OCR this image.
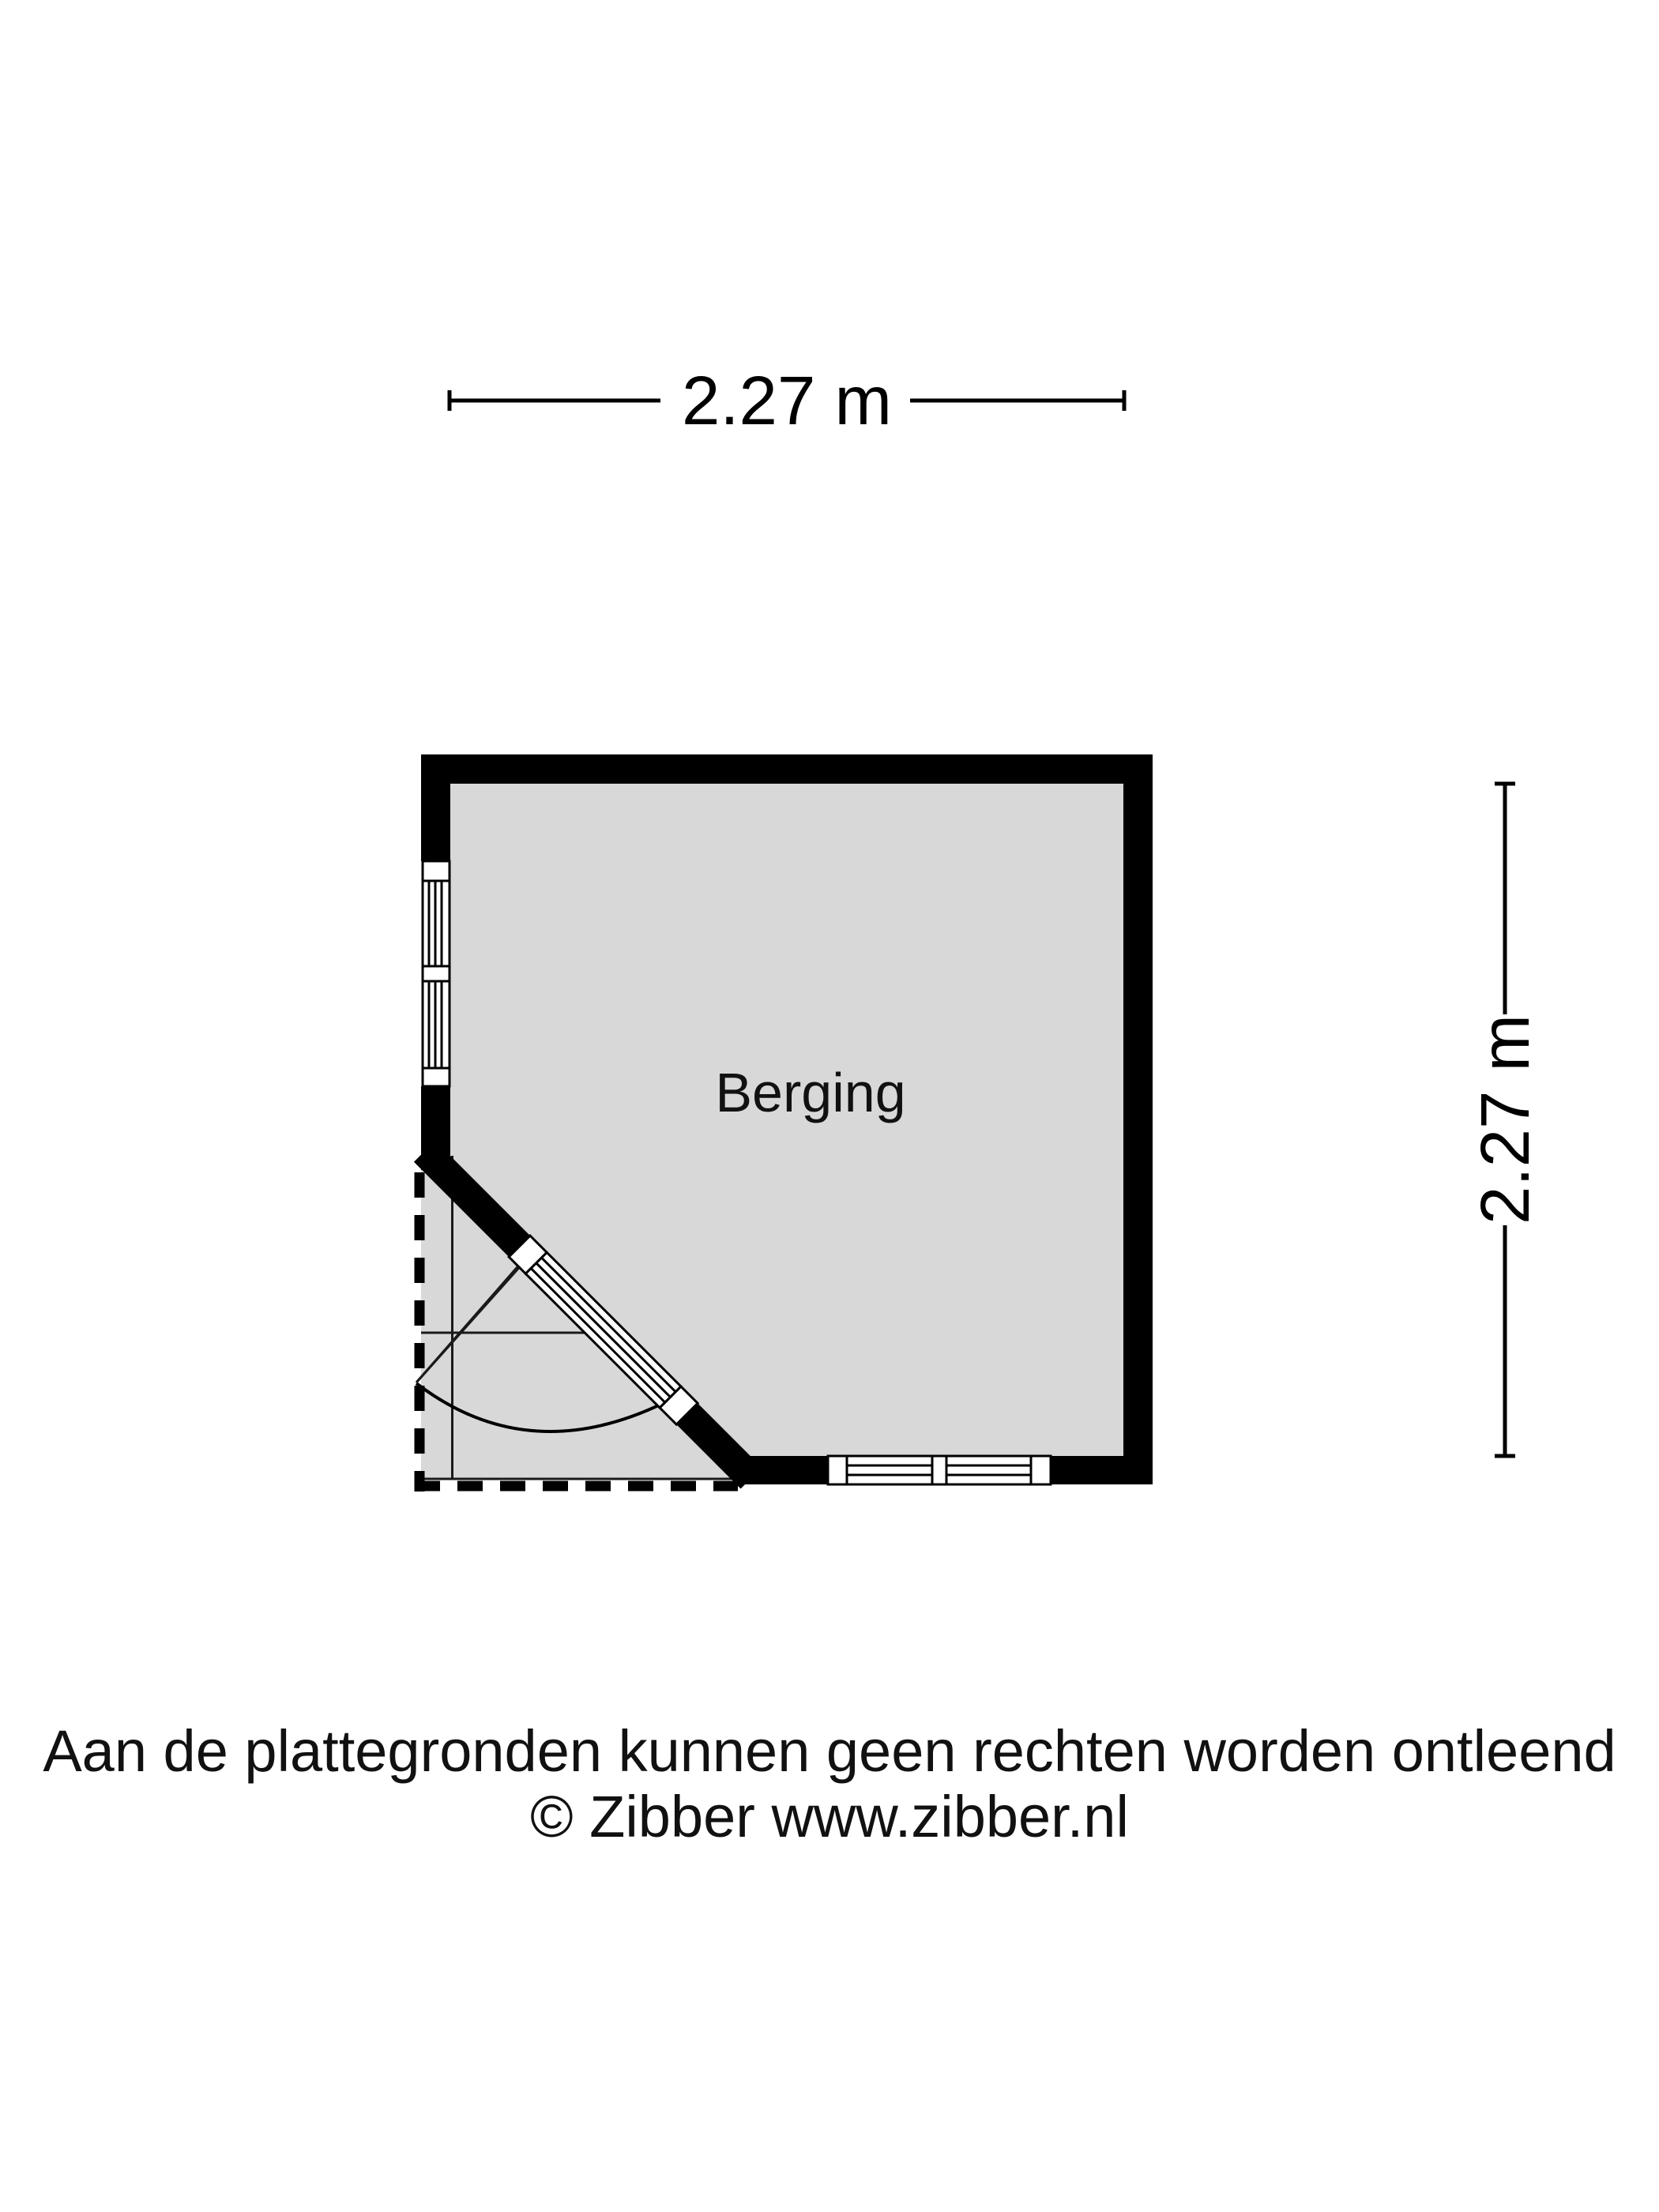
2.27 m
2.27 m
Berging
Aan de plattegronden kunnen geen rechten worden ontleend
© Zibber www.zibber.nl
